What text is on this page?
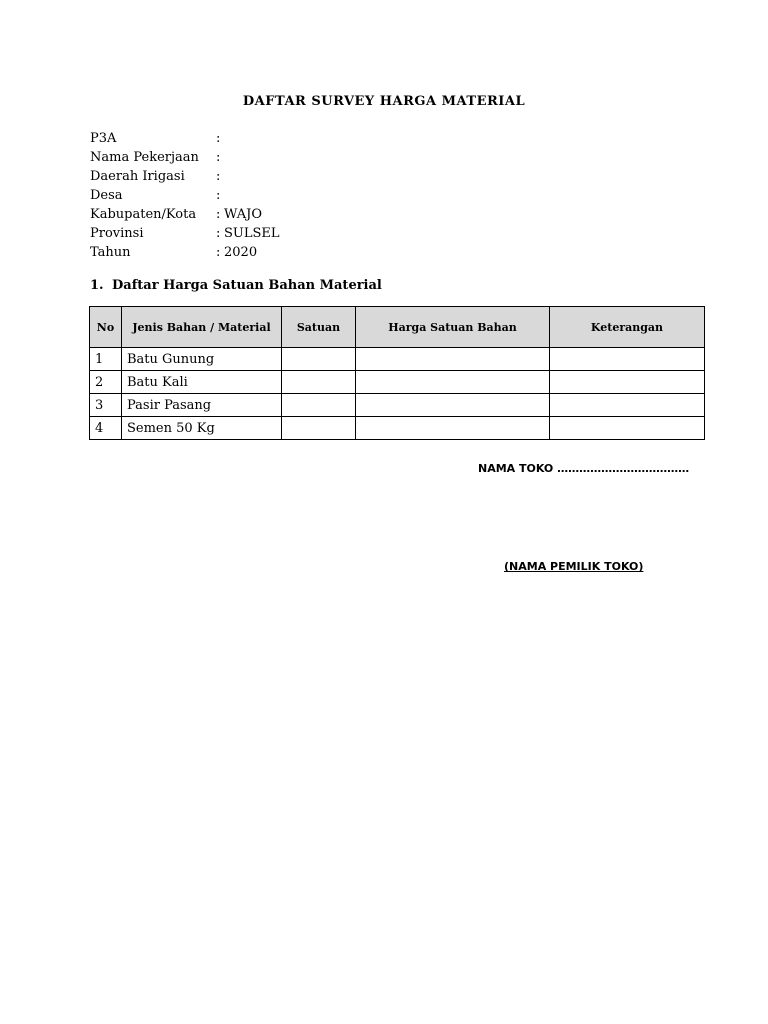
DAFTAR SURVEY HARGA MATERIAL
P3A	:
Nama Pekerjaan	:
Daerah Irigasi	:
Desa	:
Kabupaten/Kota	: WAJO
Provinsi	: SULSEL
Tahun	: 2020
1. Daftar Harga Satuan Bahan Material
No	Jenis Bahan / Material	Satuan	Harga Satuan Bahan	Keterangan
1	Batu Gunung			
2	Batu Kali			
3	Pasir Pasang			
4	Semen 50 Kg			
NAMA TOKO ………………………………
(NAMA PEMILIK TOKO)
